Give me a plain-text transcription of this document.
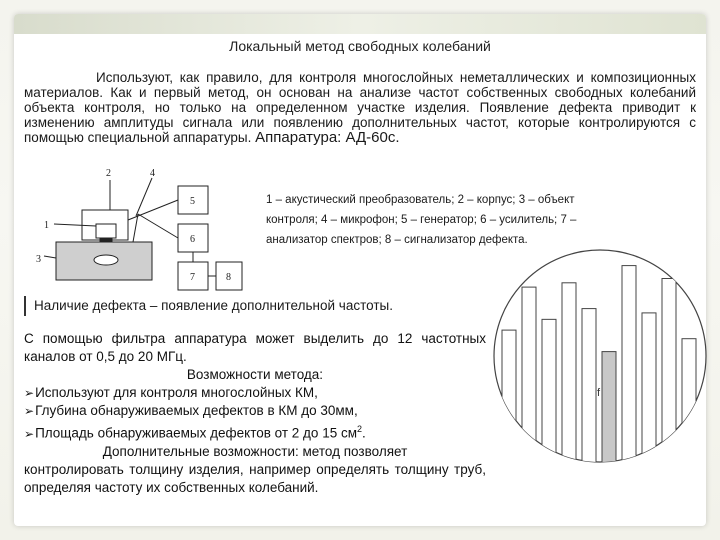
Локальный метод свободных колебаний
Используют, как правило, для контроля многослойных неметаллических и композиционных материалов. Как и первый метод, он основан на анализе частот собственных свободных колебаний объекта контроля, но только на определенном участке изделия. Появление дефекта приводит к изменению амплитуды сигнала или появлению дополнительных частот, которые контролируются с помощью специальной аппаратуры. Аппаратура: АД-60с.
2	4
1
3
5
6
7	8
1 – акустический преобразователь; 2 – корпус; 3 – объект
контроля; 4 – микрофон; 5 – генератор; 6 – усилитель; 7 –
анализатор спектров; 8 – сигнализатор дефекта.
f
Наличие дефекта – появление дополнительной частоты.
С помощью фильтра аппаратура может выделить до 12 частотных каналов от 0,5 до 20 МГц.
Возможности метода:
➢ Используют для контроля многослойных КМ,
➢ Глубина обнаруживаемых дефектов в КМ до 30мм,
➢ Площадь обнаруживаемых дефектов от 2 до 15 $см^2$.
Дополнительные возможности: метод позволяет
контролировать толщину изделия, например определять толщину труб, определяя частоту их собственных колебаний.
